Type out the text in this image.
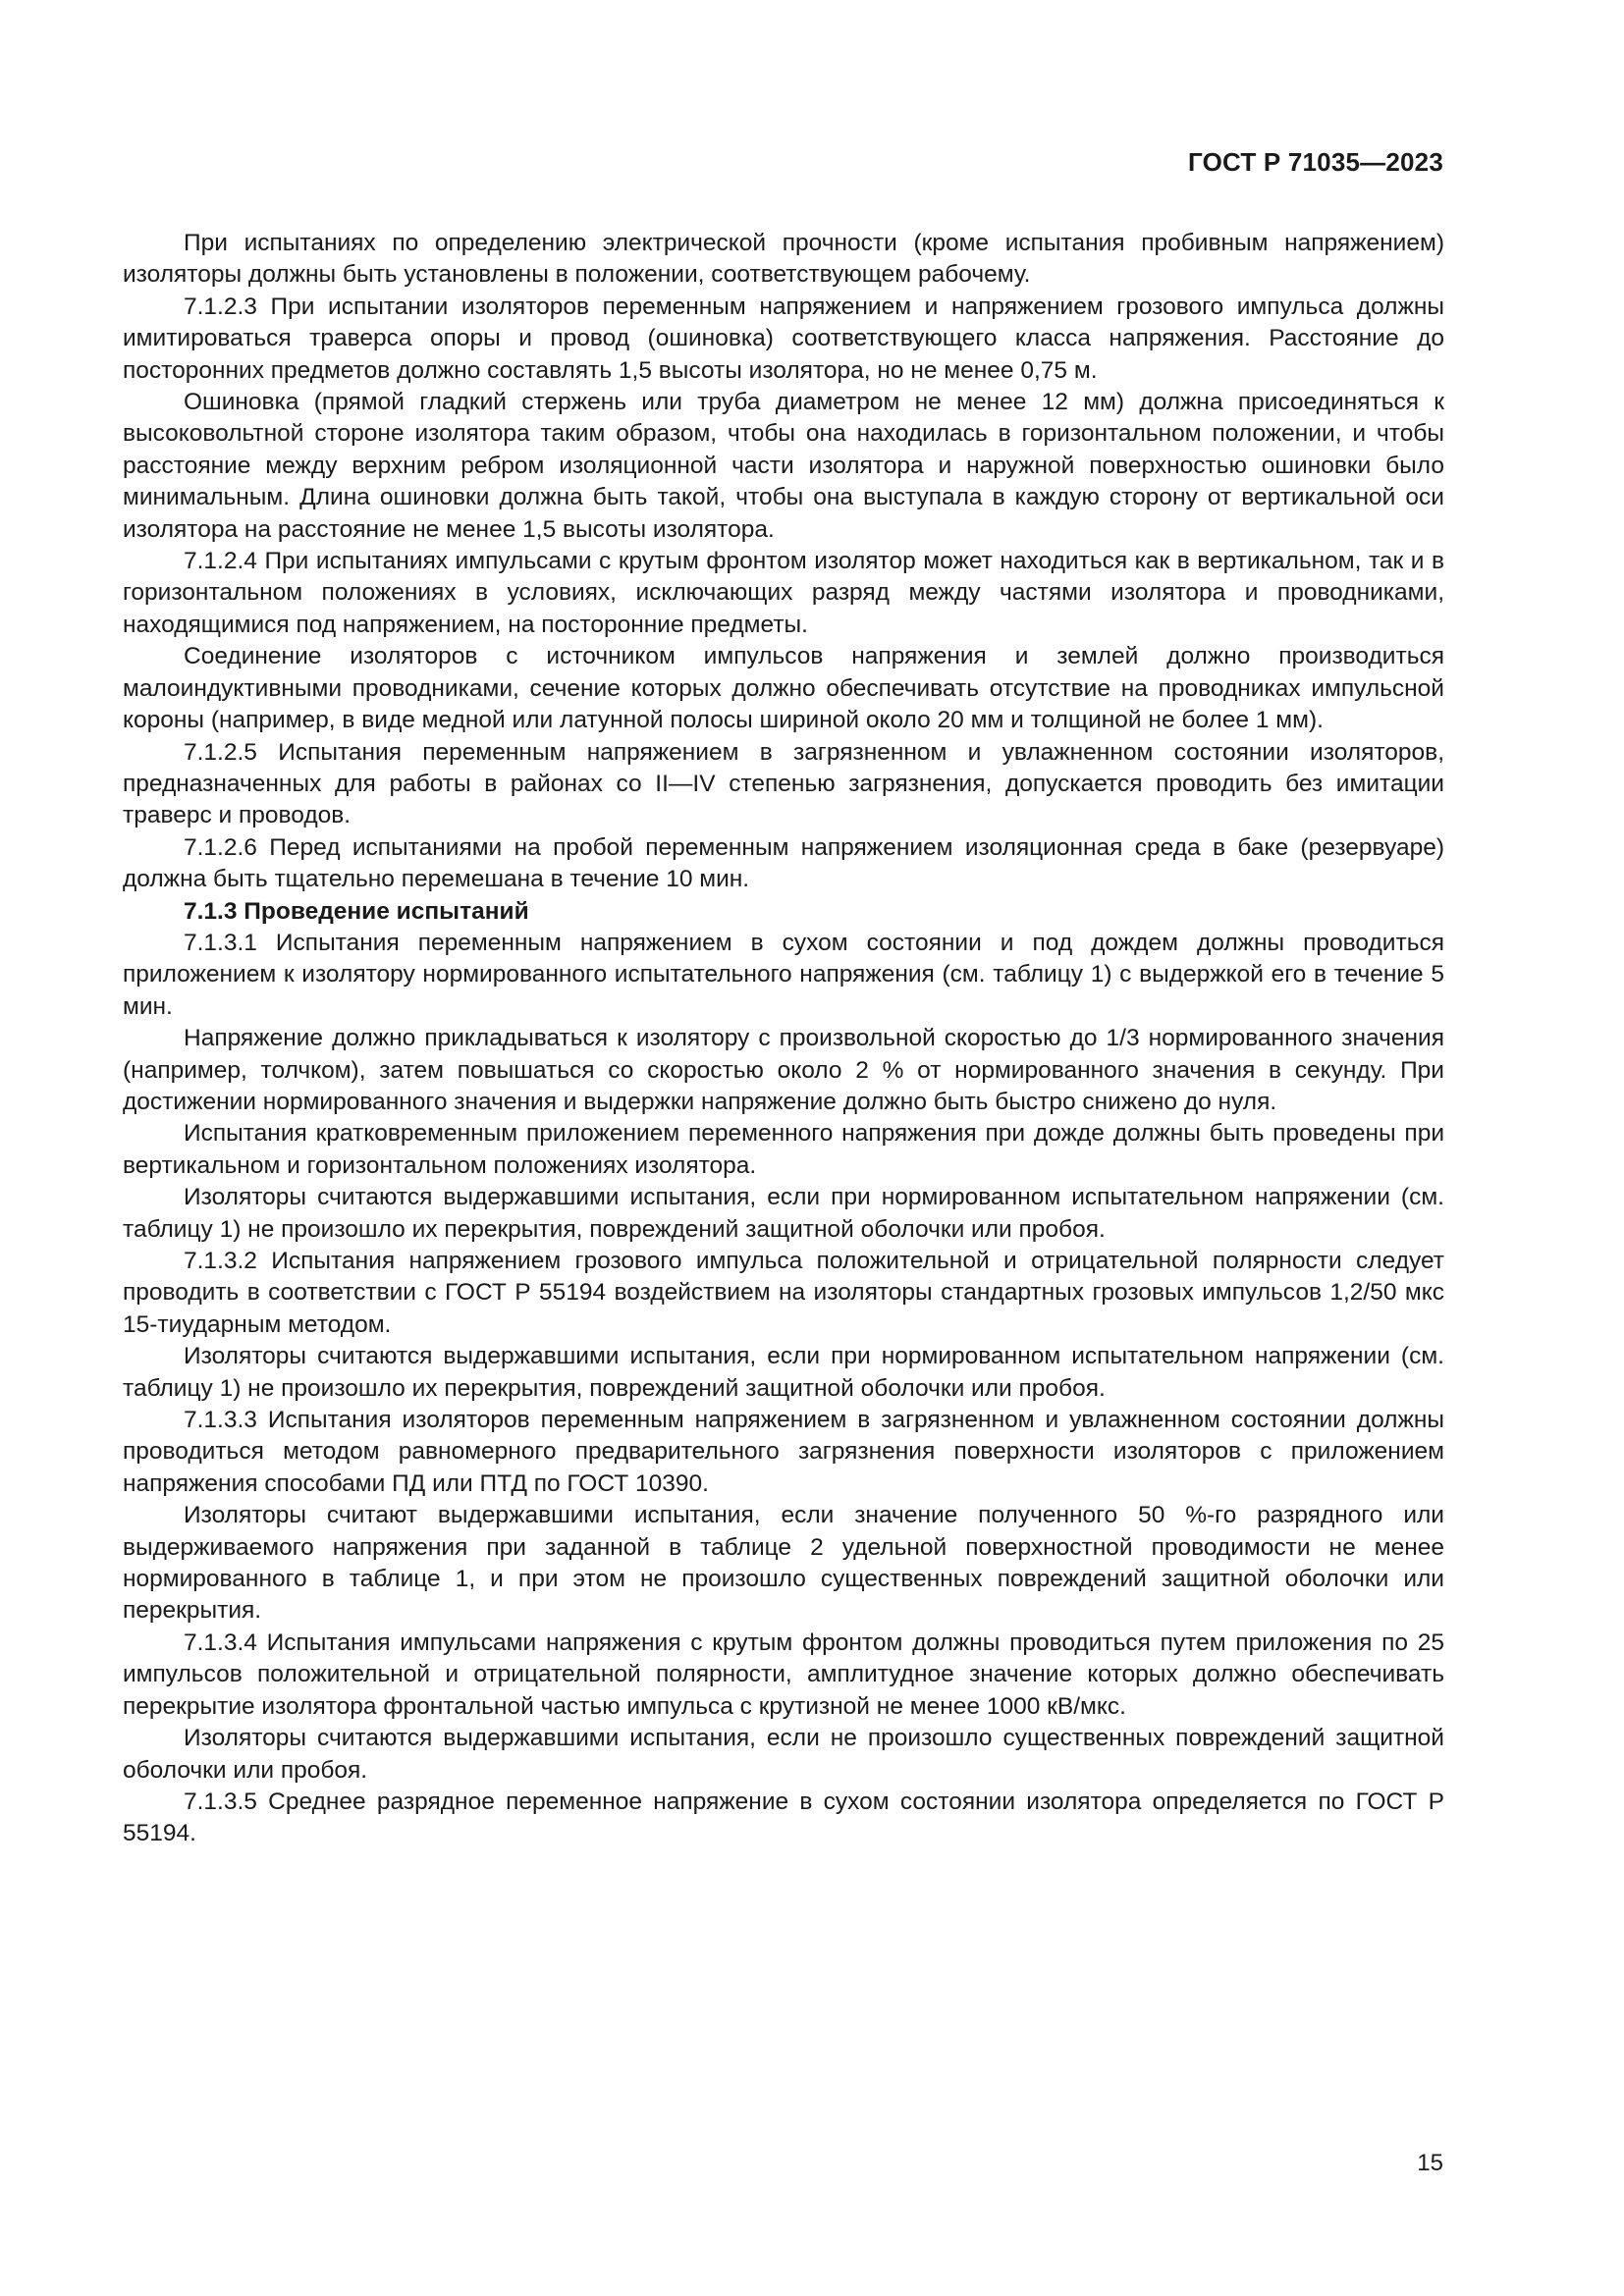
ГОСТ Р 71035—2023

При испытаниях по определению электрической прочности (кроме испытания пробивным напряжением) изоляторы должны быть установлены в положении, соответствующем рабочему.

7.1.2.3 При испытании изоляторов переменным напряжением и напряжением грозового импульса должны имитироваться траверса опоры и провод (ошиновка) соответствующего класса напряжения. Расстояние до посторонних предметов должно составлять 1,5 высоты изолятора, но не менее 0,75 м.

Ошиновка (прямой гладкий стержень или труба диаметром не менее 12 мм) должна присоединяться к высоковольтной стороне изолятора таким образом, чтобы она находилась в горизонтальном положении, и чтобы расстояние между верхним ребром изоляционной части изолятора и наружной поверхностью ошиновки было минимальным. Длина ошиновки должна быть такой, чтобы она выступала в каждую сторону от вертикальной оси изолятора на расстояние не менее 1,5 высоты изолятора.

7.1.2.4 При испытаниях импульсами с крутым фронтом изолятор может находиться как в вертикальном, так и в горизонтальном положениях в условиях, исключающих разряд между частями изолятора и проводниками, находящимися под напряжением, на посторонние предметы.

Соединение изоляторов с источником импульсов напряжения и землей должно производиться малоиндуктивными проводниками, сечение которых должно обеспечивать отсутствие на проводниках импульсной короны (например, в виде медной или латунной полосы шириной около 20 мм и толщиной не более 1 мм).

7.1.2.5 Испытания переменным напряжением в загрязненном и увлажненном состоянии изоляторов, предназначенных для работы в районах со II—IV степенью загрязнения, допускается проводить без имитации траверс и проводов.

7.1.2.6 Перед испытаниями на пробой переменным напряжением изоляционная среда в баке (резервуаре) должна быть тщательно перемешана в течение 10 мин.

7.1.3 Проведение испытаний

7.1.3.1 Испытания переменным напряжением в сухом состоянии и под дождем должны проводиться приложением к изолятору нормированного испытательного напряжения (см. таблицу 1) с выдержкой его в течение 5 мин.

Напряжение должно прикладываться к изолятору с произвольной скоростью до 1/3 нормированного значения (например, толчком), затем повышаться со скоростью около 2 % от нормированного значения в секунду. При достижении нормированного значения и выдержки напряжение должно быть быстро снижено до нуля.

Испытания кратковременным приложением переменного напряжения при дожде должны быть проведены при вертикальном и горизонтальном положениях изолятора.

Изоляторы считаются выдержавшими испытания, если при нормированном испытательном напряжении (см. таблицу 1) не произошло их перекрытия, повреждений защитной оболочки или пробоя.

7.1.3.2 Испытания напряжением грозового импульса положительной и отрицательной полярности следует проводить в соответствии с ГОСТ Р 55194 воздействием на изоляторы стандартных грозовых импульсов 1,2/50 мкс 15-тиударным методом.

Изоляторы считаются выдержавшими испытания, если при нормированном испытательном напряжении (см. таблицу 1) не произошло их перекрытия, повреждений защитной оболочки или пробоя.

7.1.3.3 Испытания изоляторов переменным напряжением в загрязненном и увлажненном состоянии должны проводиться методом равномерного предварительного загрязнения поверхности изоляторов с приложением напряжения способами ПД или ПТД по ГОСТ 10390.

Изоляторы считают выдержавшими испытания, если значение полученного 50 %-го разрядного или выдерживаемого напряжения при заданной в таблице 2 удельной поверхностной проводимости не менее нормированного в таблице 1, и при этом не произошло существенных повреждений защитной оболочки или перекрытия.

7.1.3.4 Испытания импульсами напряжения с крутым фронтом должны проводиться путем приложения по 25 импульсов положительной и отрицательной полярности, амплитудное значение которых должно обеспечивать перекрытие изолятора фронтальной частью импульса с крутизной не менее 1000 кВ/мкс.

Изоляторы считаются выдержавшими испытания, если не произошло существенных повреждений защитной оболочки или пробоя.

7.1.3.5 Среднее разрядное переменное напряжение в сухом состоянии изолятора определяется по ГОСТ Р 55194.

15
